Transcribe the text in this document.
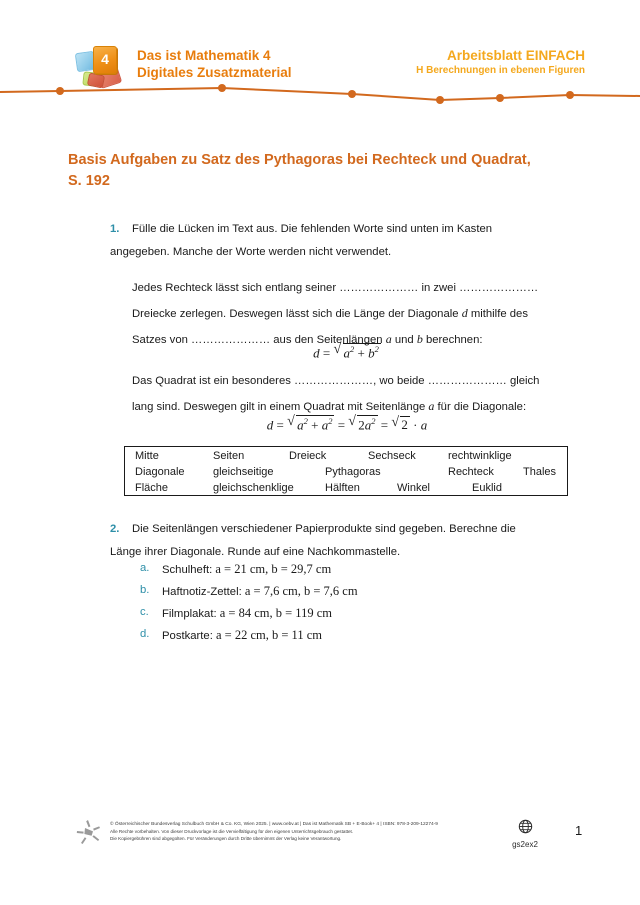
4	Das ist Mathematik 4
Digitales Zusatzmaterial
Arbeitsblatt EINFACH
H Berechnungen in ebenen Figuren
Basis Aufgaben zu Satz des Pythagoras bei Rechteck und Quadrat, S. 192
1.	Fülle die Lücken im Text aus. Die fehlenden Worte sind unten im Kasten angegeben. Manche der Worte werden nicht verwendet.
Jedes Rechteck lässt sich entlang seiner ………………… in zwei ………………… Dreiecke zerlegen. Deswegen lässt sich die Länge der Diagonale d mithilfe des Satzes von ………………… aus den Seitenlängen a und b berechnen:
d = √ $a^2 + b^2$
Das Quadrat ist ein besonderes …………………, wo beide ………………… gleich lang sind. Deswegen gilt in einem Quadrat mit Seitenlänge a für die Diagonale:
d = √ $a^2 + a^2$ = √ $2a^2$ = √ 2 · a
Mitte	Seiten	Dreieck	Sechseck	rechtwinklige
Diagonale	gleichseitige	Pythagoras	Rechteck	Thales
Fläche	gleichschenklige	Hälften	Winkel	Euklid
2.	Die Seitenlängen verschiedener Papierprodukte sind gegeben. Berechne die Länge ihrer Diagonale. Runde auf eine Nachkommastelle.
a.	Schulheft: a = 21 cm, b = 29,7 cm
b.	Haftnotiz-Zettel: a = 7,6 cm, b = 7,6 cm
c.	Filmplakat: a = 84 cm, b = 119 cm
d.	Postkarte: a = 22 cm, b = 11 cm
© Österreichischer Bundesverlag Schulbuch GmbH & Co. KG, Wien 2025. | www.oebv.at | Das ist Mathematik SB + E-Book+ 4 | ISBN: 978-3-209-12274-9
Alle Rechte vorbehalten. Von dieser Druckvorlage ist die Vervielfältigung für den eigenen Unterrichtsgebrauch gestattet.
Die Kopiergebühren sind abgegolten. Für Veränderungen durch Dritte übernimmt der Verlag keine Verantwortung.
gs2ex2
1
